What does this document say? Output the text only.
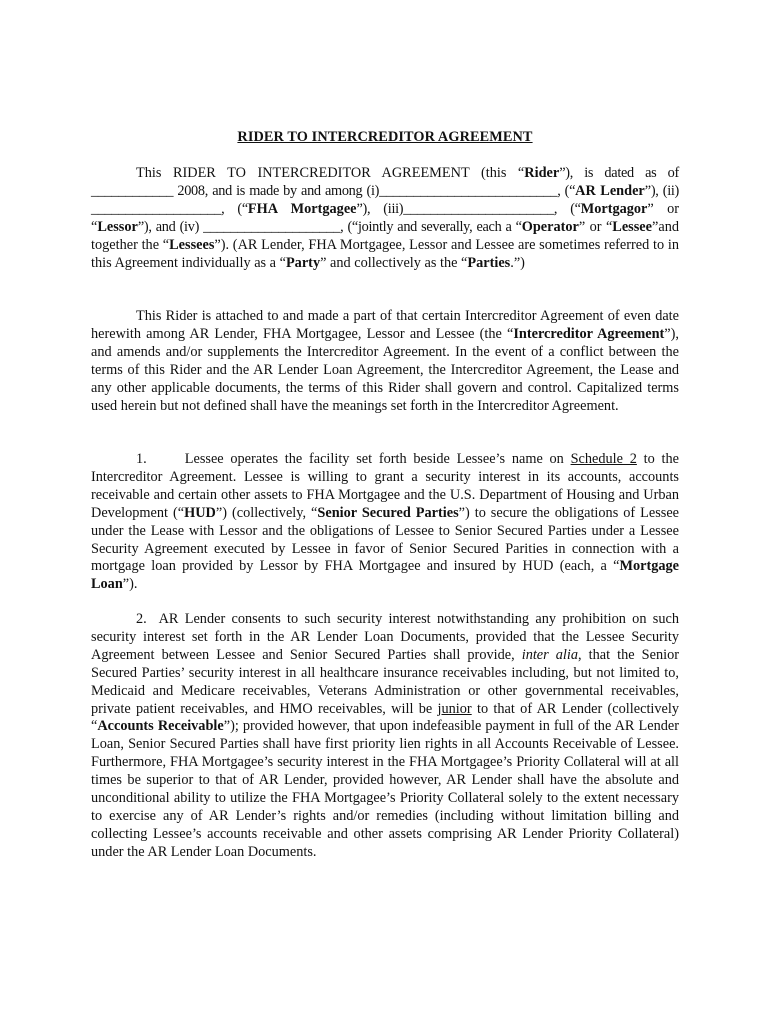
RIDER TO INTERCREDITOR AGREEMENT

This RIDER TO INTERCREDITOR AGREEMENT (this “Rider”), is dated as of ____________ 2008, and is made by and among (i)__________________________, (“AR Lender”), (ii) ___________________, (“FHA Mortgagee”), (iii)______________________, (“Mortgagor” or “Lessor”), and (iv) ____________________, (“jointly and severally, each a “Operator” or “Lessee”and together the “Lessees”). (AR Lender, FHA Mortgagee, Lessor and Lessee are sometimes referred to in this Agreement individually as a “Party” and collectively as the “Parties.”)

This Rider is attached to and made a part of that certain Intercreditor Agreement of even date herewith among AR Lender, FHA Mortgagee, Lessor and Lessee (the “Intercreditor Agreement”), and amends and/or supplements the Intercreditor Agreement. In the event of a conflict between the terms of this Rider and the AR Lender Loan Agreement, the Intercreditor Agreement, the Lease and any other applicable documents, the terms of this Rider shall govern and control. Capitalized terms used herein but not defined shall have the meanings set forth in the Intercreditor Agreement.

1.	Lessee operates the facility set forth beside Lessee’s name on Schedule 2 to the Intercreditor Agreement. Lessee is willing to grant a security interest in its accounts, accounts receivable and certain other assets to FHA Mortgagee and the U.S. Department of Housing and Urban Development (“HUD”) (collectively, “Senior Secured Parties”) to secure the obligations of Lessee under the Lease with Lessor and the obligations of Lessee to Senior Secured Parties under a Lessee Security Agreement executed by Lessee in favor of Senior Secured Parities in connection with a mortgage loan provided by Lessor by FHA Mortgagee and insured by HUD (each, a “Mortgage Loan”).

2. AR Lender consents to such security interest notwithstanding any prohibition on such security interest set forth in the AR Lender Loan Documents, provided that the Lessee Security Agreement between Lessee and Senior Secured Parties shall provide, inter alia, that the Senior Secured Parties’ security interest in all healthcare insurance receivables including, but not limited to, Medicaid and Medicare receivables, Veterans Administration or other governmental receivables, private patient receivables, and HMO receivables, will be junior to that of AR Lender (collectively “Accounts Receivable”); provided however, that upon indefeasible payment in full of the AR Lender Loan, Senior Secured Parties shall have first priority lien rights in all Accounts Receivable of Lessee. Furthermore, FHA Mortgagee’s security interest in the FHA Mortgagee’s Priority Collateral will at all times be superior to that of AR Lender, provided however, AR Lender shall have the absolute and unconditional ability to utilize the FHA Mortgagee’s Priority Collateral solely to the extent necessary to exercise any of AR Lender’s rights and/or remedies (including without limitation billing and collecting Lessee’s accounts receivable and other assets comprising AR Lender Priority Collateral) under the AR Lender Loan Documents.
